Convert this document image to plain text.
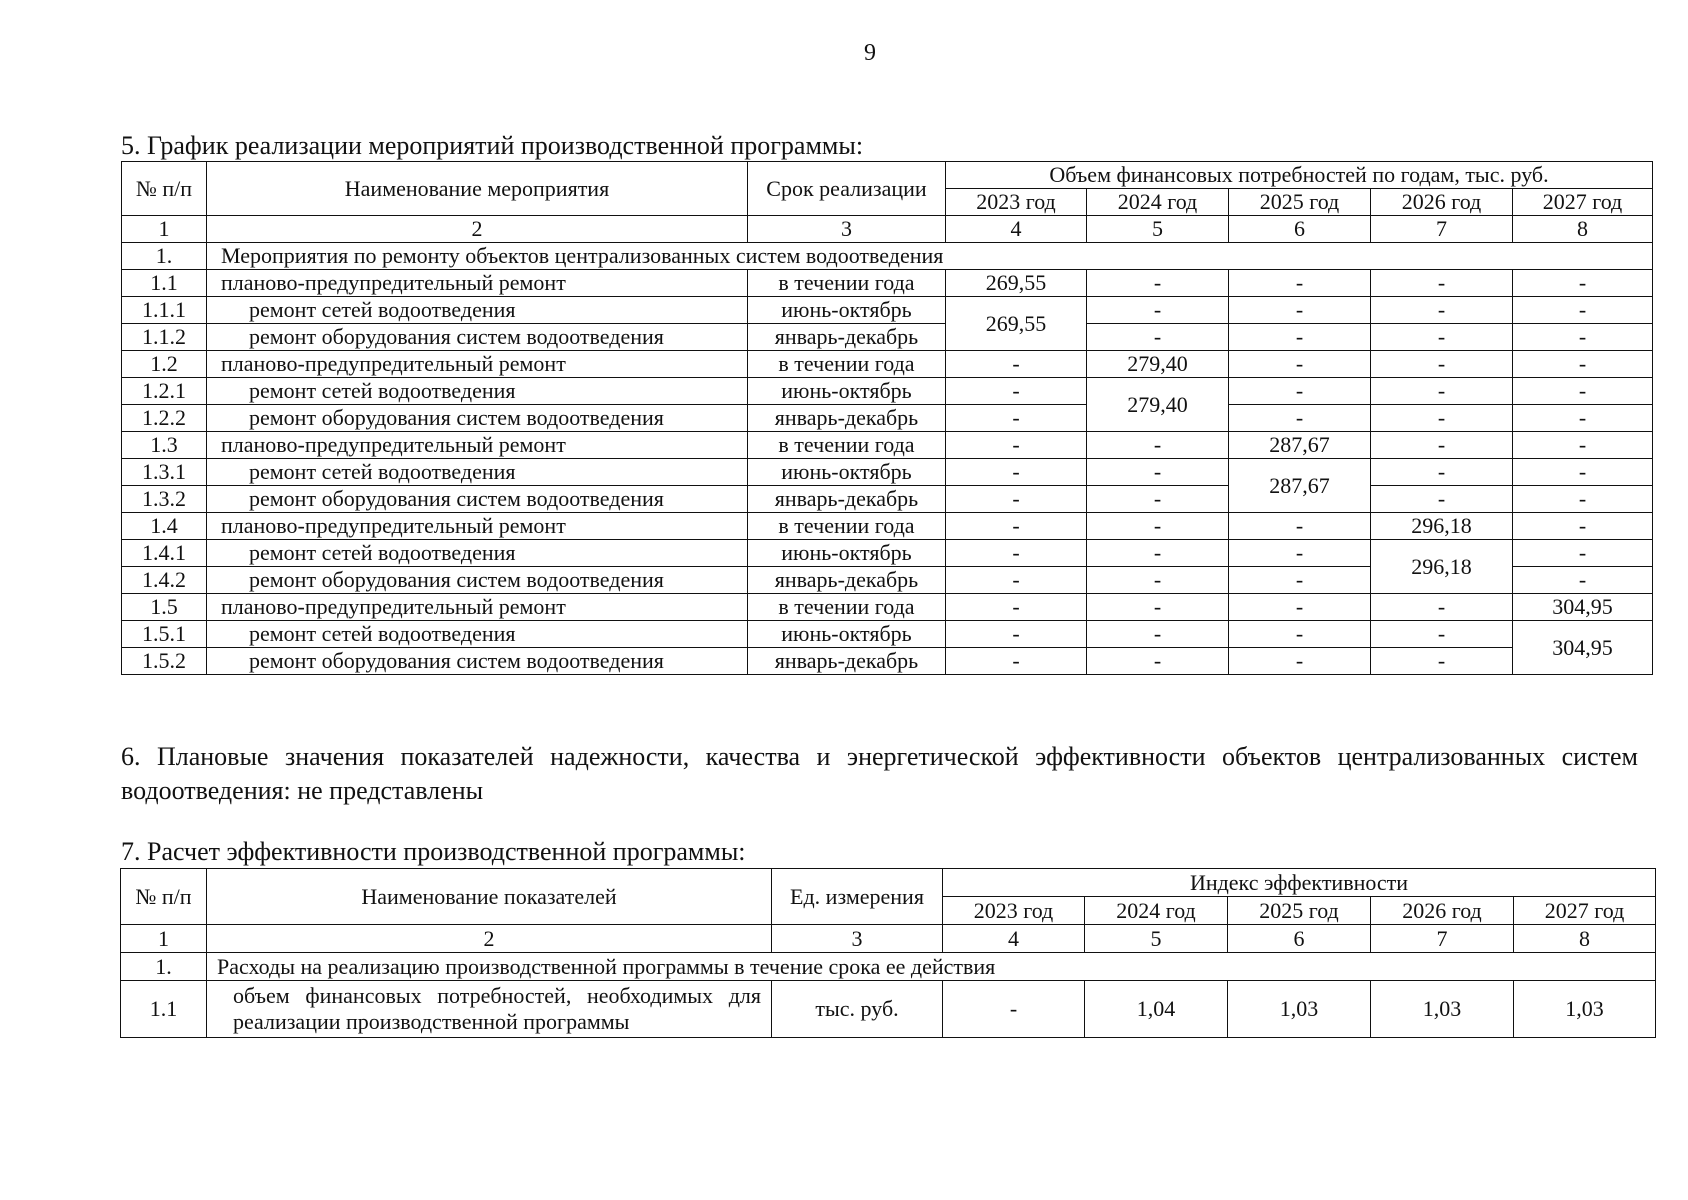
9
5. График реализации мероприятий производственной программы:
№ п/п	Наименование мероприятия	Срок реализации	Объем финансовых потребностей по годам, тыс. руб.				
			2023 год	2024 год	2025 год	2026 год	2027 год
1	2	3	4	5	6	7	8
1.	Мероприятия по ремонту объектов централизованных систем водоотведения						
1.1	планово-предупредительный ремонт	в течении года	269,55	-	-	-	-
1.1.1	ремонт сетей водоотведения	июнь-октябрь	269,55	-	-	-	-
1.1.2	ремонт оборудования систем водоотведения	январь-декабрь		-	-	-	-
1.2	планово-предупредительный ремонт	в течении года	-	279,40	-	-	-
1.2.1	ремонт сетей водоотведения	июнь-октябрь	-	279,40	-	-	-
1.2.2	ремонт оборудования систем водоотведения	январь-декабрь	-		-	-	-
1.3	планово-предупредительный ремонт	в течении года	-	-	287,67	-	-
1.3.1	ремонт сетей водоотведения	июнь-октябрь	-	-	287,67	-	-
1.3.2	ремонт оборудования систем водоотведения	январь-декабрь	-	-		-	-
1.4	планово-предупредительный ремонт	в течении года	-	-	-	296,18	-
1.4.1	ремонт сетей водоотведения	июнь-октябрь	-	-	-	296,18	-
1.4.2	ремонт оборудования систем водоотведения	январь-декабрь	-	-	-		-
1.5	планово-предупредительный ремонт	в течении года	-	-	-	-	304,95
1.5.1	ремонт сетей водоотведения	июнь-октябрь	-	-	-	-	304,95
1.5.2	ремонт оборудования систем водоотведения	январь-декабрь	-	-	-	-	
6. Плановые значения показателей надежности, качества и энергетической эффективности объектов централизованных систем водоотведения: не представлены
7. Расчет эффективности производственной программы:
№ п/п	Наименование показателей	Ед. измерения	Индекс эффективности				
			2023 год	2024 год	2025 год	2026 год	2027 год
1	2	3	4	5	6	7	8
1.	Расходы на реализацию производственной программы в течение срока ее действия						
1.1	объем финансовых потребностей, необходимых для реализации производственной программы	тыс. руб.	-	1,04	1,03	1,03	1,03
